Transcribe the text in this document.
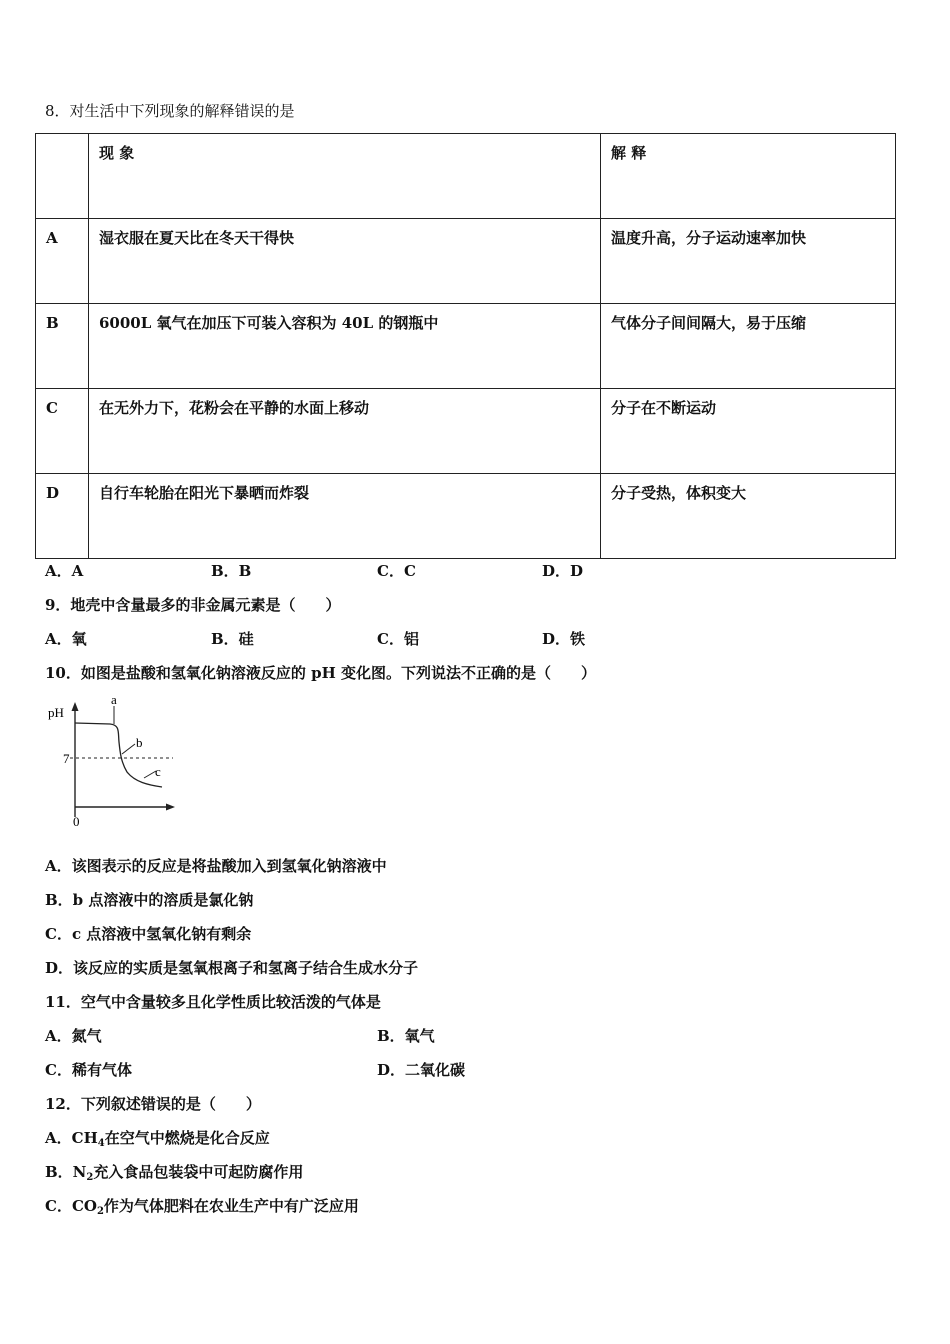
8．对生活中下列现象的解释错误的是

	现 象	解 释

A	湿衣服在夏天比在冬天干得快	温度升高，分子运动速率加快

B	6000L 氧气在加压下可装入容积为 40L 的钢瓶中	气体分子间间隔大，易于压缩

C	在无外力下，花粉会在平静的水面上移动	分子在不断运动

D	自行车轮胎在阳光下暴晒而炸裂	分子受热，体积变大
A．A	B．B	C．C	D．D
9．地壳中含量最多的非金属元素是（　　）
A．氧	B．硅	C．铝	D．铁
10．如图是盐酸和氢氧化钠溶液反应的 pH 变化图。下列说法不正确的是（　　）
pH
7
0
a
b
c
A．该图表示的反应是将盐酸加入到氢氧化钠溶液中
B．b 点溶液中的溶质是氯化钠
C．c 点溶液中氢氧化钠有剩余
D．该反应的实质是氢氧根离子和氢离子结合生成水分子
11．空气中含量较多且化学性质比较活泼的气体是
A．氮气	B．氧气
C．稀有气体	D．二氧化碳
12．下列叙述错误的是（　　）
A．$CH_4$在空气中燃烧是化合反应
B．$N_2$充入食品包装袋中可起防腐作用
C．$CO_2$作为气体肥料在农业生产中有广泛应用
